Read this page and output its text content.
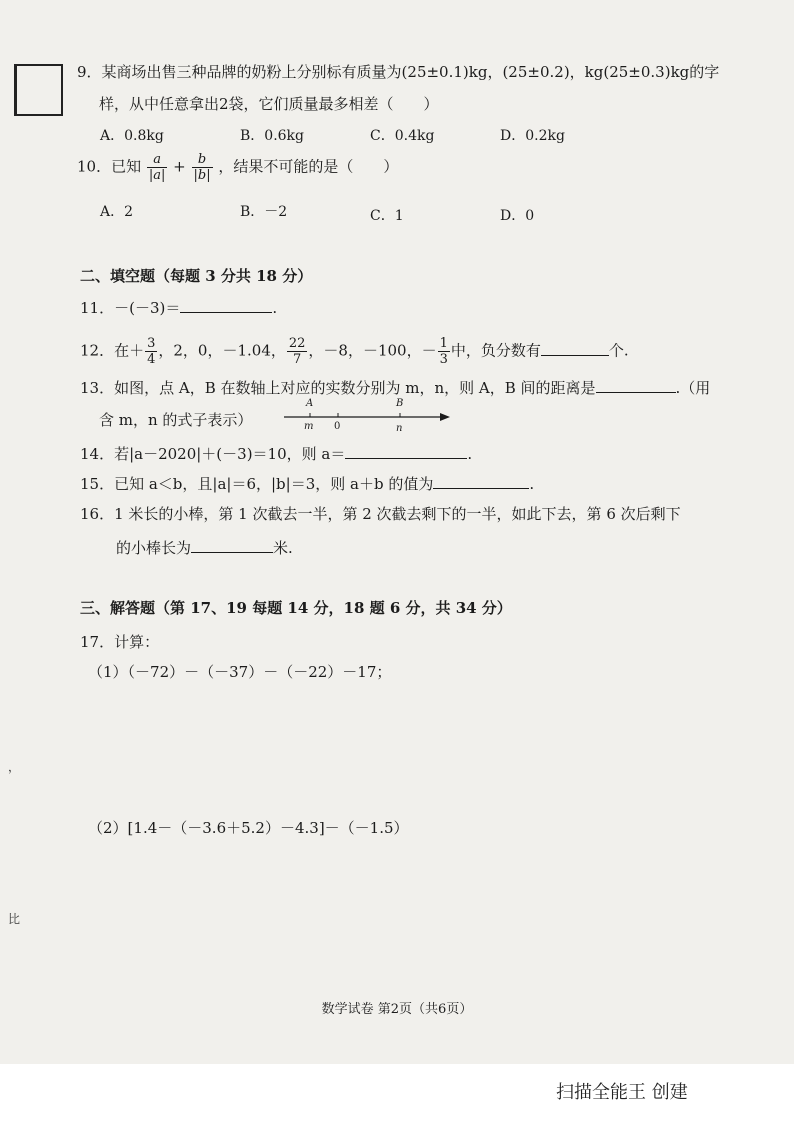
9．某商场出售三种品牌的奶粉上分别标有质量为(25±0.1)kg，(25±0.2)，kg(25±0.3)kg的字
样，从中任意拿出2袋，它们质量最多相差（　　）
A．0.8kg	B．0.6kg	C．0.4kg	D．0.2kg
10．已知 $\frac{a}{|a|} + \frac{b}{|b|}$ ，结果不可能的是（　　）
A．2	B．－2	C．1	D．0
二、填空题（每题 3 分共 18 分）
11．－(－3)＝	.
12．在＋ $\frac{3}{4}$ ，2，0，－1.04， $\frac{22}{7}$ ，－8，－100，－ $\frac{1}{3}$ 中，负分数有	个.
13．如图，点 A，B 在数轴上对应的实数分别为 m，n，则 A，B 间的距离是	.（用
含 m，n 的式子表示）
A	B
m 0	n
14．若|a－2020|＋(－3)＝10，则 a＝	.
15．已知 a＜b，且|a|＝6，|b|＝3，则 a＋b 的值为	.
16．1 米长的小棒，第 1 次截去一半，第 2 次截去剩下的一半，如此下去，第 6 次后剩下
的小棒长为	米.
三、解答题（第 17、19 每题 14 分，18 题 6 分，共 34 分）
17．计算：
（1）（－72）－（－37）－（－22）－17；
（2）[1.4－（－3.6＋5.2）－4.3]－（－1.5）
，
比
数学试卷 第2页（共6页）
扫描全能王 创建
